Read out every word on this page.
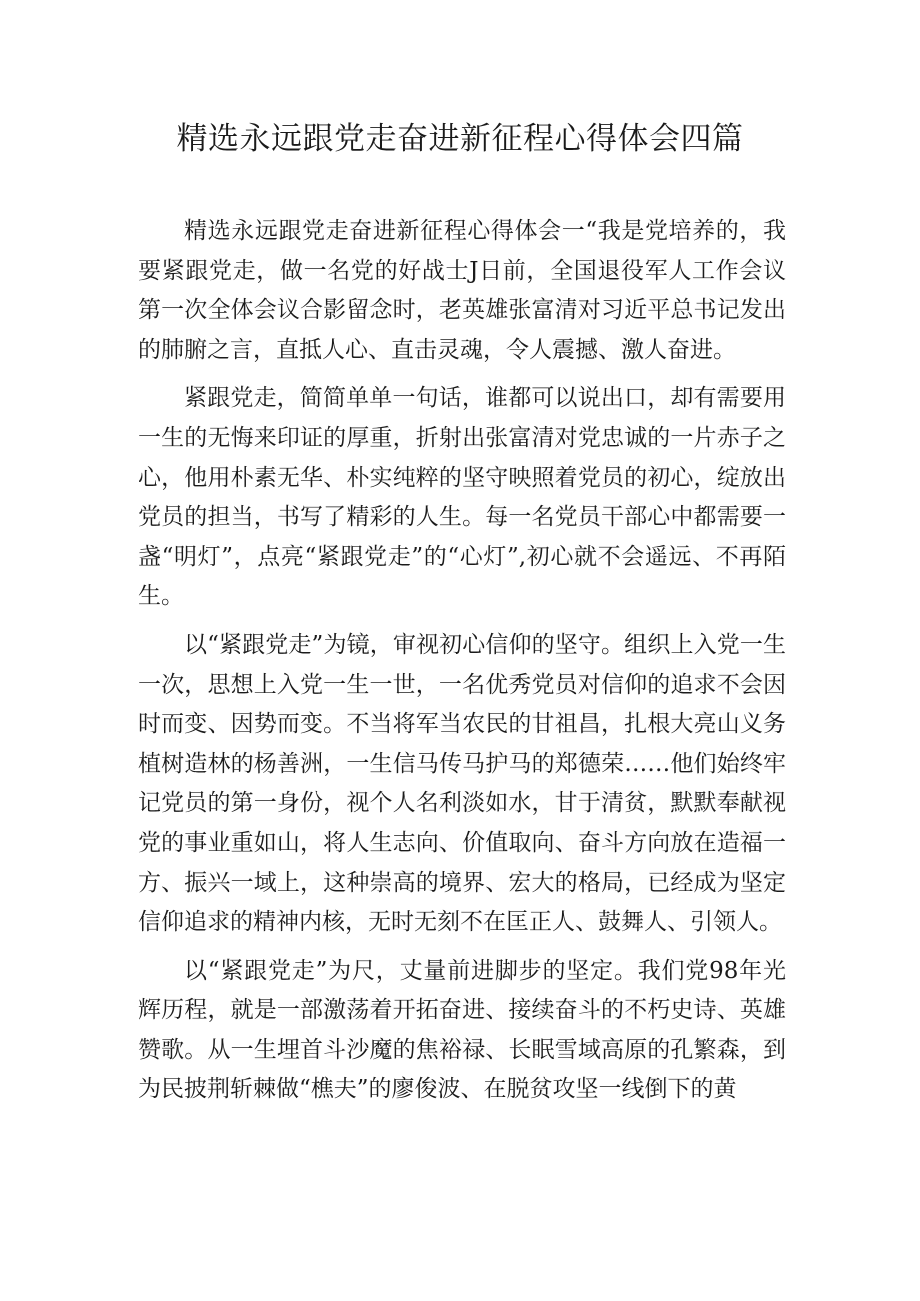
精选永远跟党走奋进新征程心得体会四篇

精选永远跟党走奋进新征程心得体会一“我是党培养的，我要紧跟党走，做一名党的好战士J日前，全国退役军人工作会议第一次全体会议合影留念时，老英雄张富清对习近平总书记发出的肺腑之言，直抵人心、直击灵魂，令人震撼、激人奋进。

紧跟党走，简简单单一句话，谁都可以说出口，却有需要用一生的无悔来印证的厚重，折射出张富清对党忠诚的一片赤子之心，他用朴素无华、朴实纯粹的坚守映照着党员的初心，绽放出党员的担当，书写了精彩的人生。每一名党员干部心中都需要一盏“明灯”，点亮“紧跟党走”的“心灯”,初心就不会遥远、不再陌生。

以“紧跟党走”为镜，审视初心信仰的坚守。组织上入党一生一次，思想上入党一生一世，一名优秀党员对信仰的追求不会因时而变、因势而变。不当将军当农民的甘祖昌，扎根大亮山义务植树造林的杨善洲，一生信马传马护马的郑德荣……他们始终牢记党员的第一身份，视个人名利淡如水，甘于清贫，默默奉献视党的事业重如山，将人生志向、价值取向、奋斗方向放在造福一方、振兴一域上，这种崇高的境界、宏大的格局，已经成为坚定信仰追求的精神内核，无时无刻不在匡正人、鼓舞人、引领人。

以“紧跟党走”为尺，丈量前进脚步的坚定。我们党98年光辉历程，就是一部激荡着开拓奋进、接续奋斗的不朽史诗、英雄赞歌。从一生埋首斗沙魔的焦裕禄、长眠雪域高原的孔繁森，到为民披荆斩棘做“樵夫”的廖俊波、在脱贫攻坚一线倒下的黄
